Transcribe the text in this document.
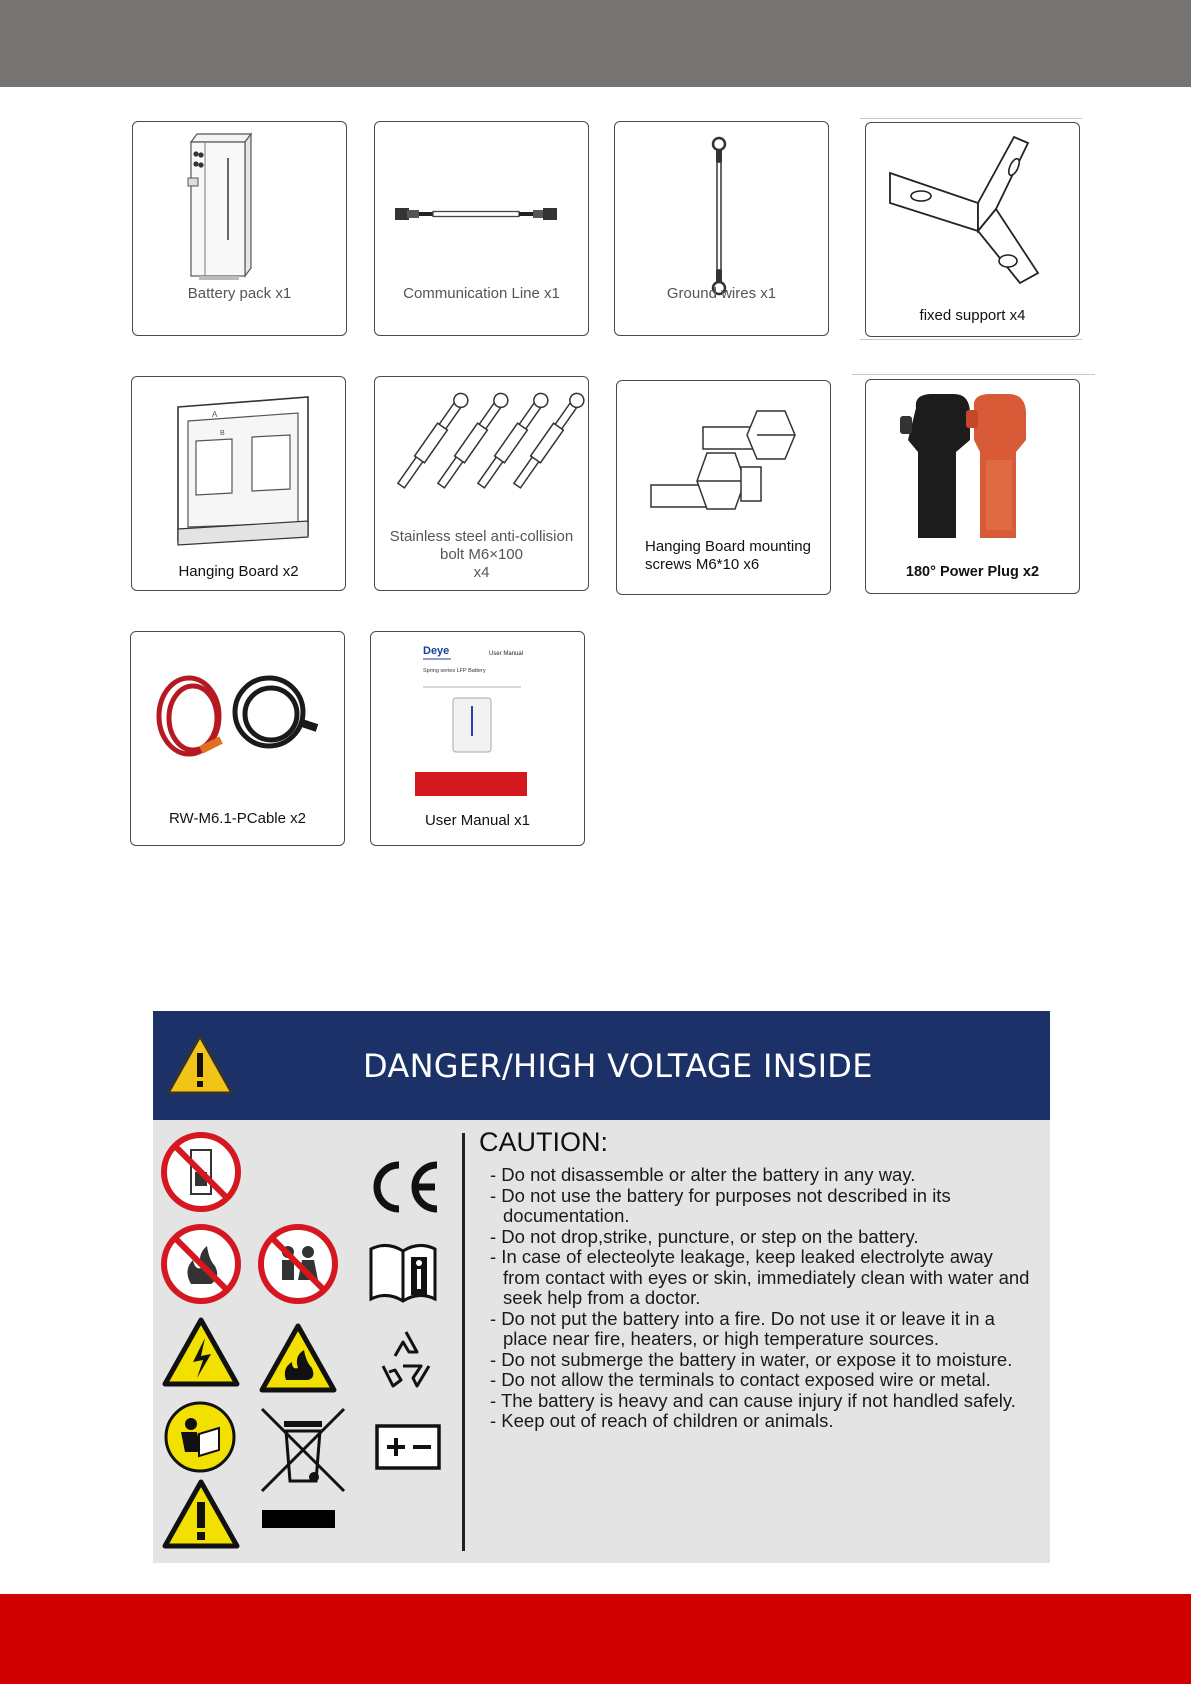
Battery pack x1	Communication Line x1	Ground wires x1
fixed support x4
A
B
Hanging Board x2
Stainless steel anti-collision
bolt M6×100
x4
Hanging Board mounting
screws M6*10 x6	180° Power Plug x2
RW-M6.1-PCable x2
Deye	User Manual
Spring series LFP Battery
User Manual x1
DANGER/HIGH VOLTAGE INSIDE
CAUTION:
- Do not disassemble or alter the battery in any way.
- Do not use the battery for purposes not described in its documentation.
- Do not drop,strike, puncture, or step on the battery.
- In case of electeolyte leakage, keep leaked electrolyte away from contact with eyes or skin, immediately clean with water and seek help from a doctor.
- Do not put the battery into a fire. Do not use it or leave it in a place near fire, heaters, or high temperature sources.
- Do not submerge the battery in water, or expose it to moisture.
- Do not allow the terminals to contact exposed wire or metal.
- The battery is heavy and can cause injury if not handled safely.
- Keep out of reach of children or animals.
